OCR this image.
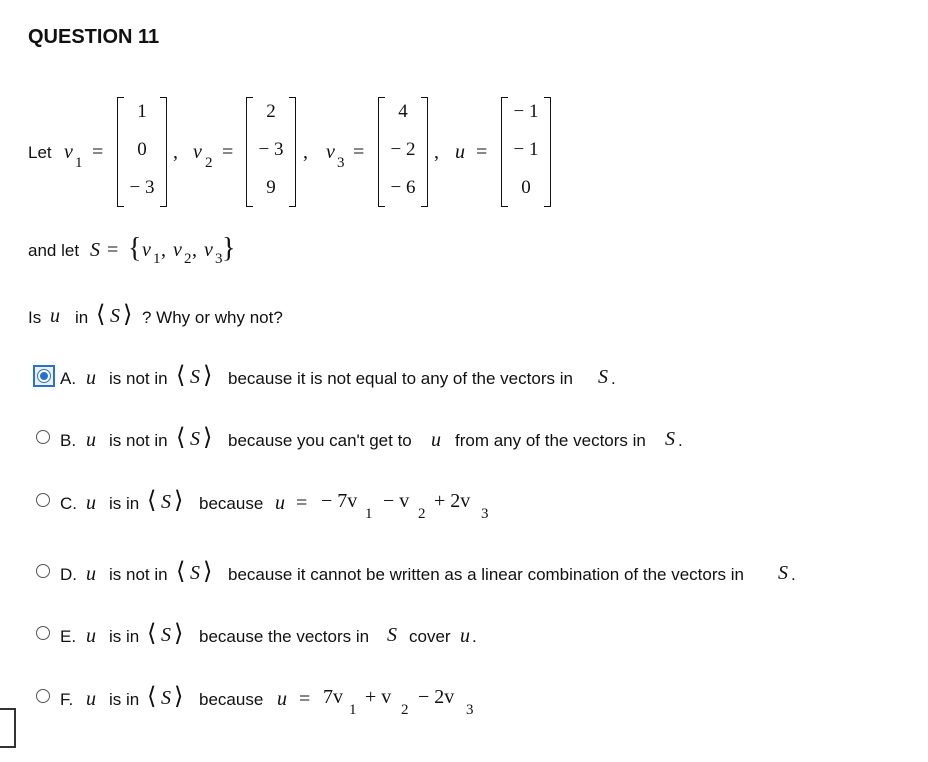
QUESTION 11
Let v 1 =
1
0
− 3
, v 2 =
2
− 3
9
, v 3 =
4
− 2
− 6
, u =
− 1
− 1
0
and let S = { v 1 , v 2 , v 3 }
Is u in ⟨ S ⟩ ? Why or why not?
A. u is not in ⟨ S ⟩ because it is not equal to any of the vectors in S .
B. u is not in ⟨ S ⟩ because you can't get to u from any of the vectors in S .
C. u is in ⟨ S ⟩ because u = − 7v
1
− v
2
+ 2v
3
D. u is not in ⟨ S ⟩ because it cannot be written as a linear combination of the vectors in S .
E. u is in ⟨ S ⟩ because the vectors in S cover u .
F. u is in ⟨ S ⟩ because u = 7v
1
+ v
2
− 2v
3
